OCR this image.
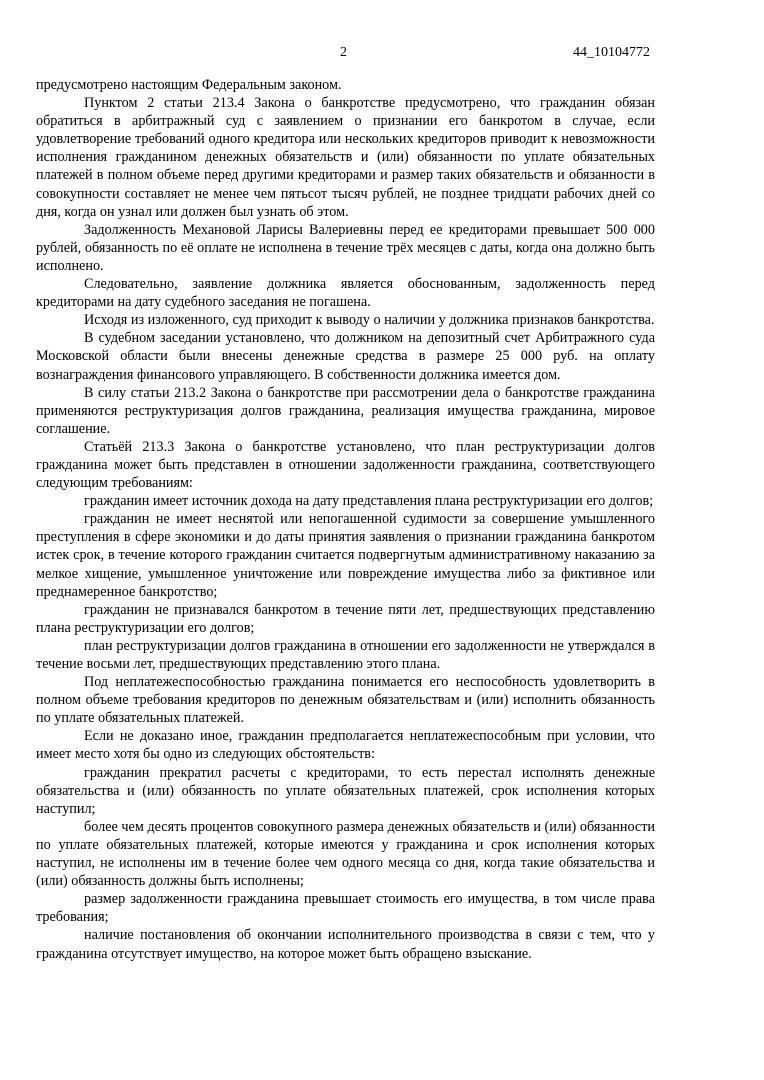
2	44_10104772

предусмотрено настоящим Федеральным законом.

Пунктом 2 статьи 213.4 Закона о банкротстве предусмотрено, что гражданин обязан обратиться в арбитражный суд с заявлением о признании его банкротом в случае, если удовлетворение требований одного кредитора или нескольких кредиторов приводит к невозможности исполнения гражданином денежных обязательств и (или) обязанности по уплате обязательных платежей в полном объеме перед другими кредиторами и размер таких обязательств и обязанности в совокупности составляет не менее чем пятьсот тысяч рублей, не позднее тридцати рабочих дней со дня, когда он узнал или должен был узнать об этом.

Задолженность Механовой Ларисы Валериевны перед ее кредиторами превышает 500 000 рублей, обязанность по её оплате не исполнена в течение трёх месяцев с даты, когда она должно быть исполнено.

Следовательно, заявление должника является обоснованным, задолженность перед кредиторами на дату судебного заседания не погашена.

Исходя из изложенного, суд приходит к выводу о наличии у должника признаков банкротства.

В судебном заседании установлено, что должником на депозитный счет Арбитражного суда Московской области были внесены денежные средства в размере 25 000 руб. на оплату вознаграждения финансового управляющего. В собственности должника имеется дом.

В силу статьи 213.2 Закона о банкротстве при рассмотрении дела о банкротстве гражданина применяются реструктуризация долгов гражданина, реализация имущества гражданина, мировое соглашение.

Статьёй 213.3 Закона о банкротстве установлено, что план реструктуризации долгов гражданина может быть представлен в отношении задолженности гражданина, соответствующего следующим требованиям:

гражданин имеет источник дохода на дату представления плана реструктуризации его долгов;

гражданин не имеет неснятой или непогашенной судимости за совершение умышленного преступления в сфере экономики и до даты принятия заявления о признании гражданина банкротом истек срок, в течение которого гражданин считается подвергнутым административному наказанию за мелкое хищение, умышленное уничтожение или повреждение имущества либо за фиктивное или преднамеренное банкротство;

гражданин не признавался банкротом в течение пяти лет, предшествующих представлению плана реструктуризации его долгов;

план реструктуризации долгов гражданина в отношении его задолженности не утверждался в течение восьми лет, предшествующих представлению этого плана.

Под неплатежеспособностью гражданина понимается его неспособность удовлетворить в полном объеме требования кредиторов по денежным обязательствам и (или) исполнить обязанность по уплате обязательных платежей.

Если не доказано иное, гражданин предполагается неплатежеспособным при условии, что имеет место хотя бы одно из следующих обстоятельств:

гражданин прекратил расчеты с кредиторами, то есть перестал исполнять денежные обязательства и (или) обязанность по уплате обязательных платежей, срок исполнения которых наступил;

более чем десять процентов совокупного размера денежных обязательств и (или) обязанности по уплате обязательных платежей, которые имеются у гражданина и срок исполнения которых наступил, не исполнены им в течение более чем одного месяца со дня, когда такие обязательства и (или) обязанность должны быть исполнены;

размер задолженности гражданина превышает стоимость его имущества, в том числе права требования;

наличие постановления об окончании исполнительного производства в связи с тем, что у гражданина отсутствует имущество, на которое может быть обращено взыскание.
